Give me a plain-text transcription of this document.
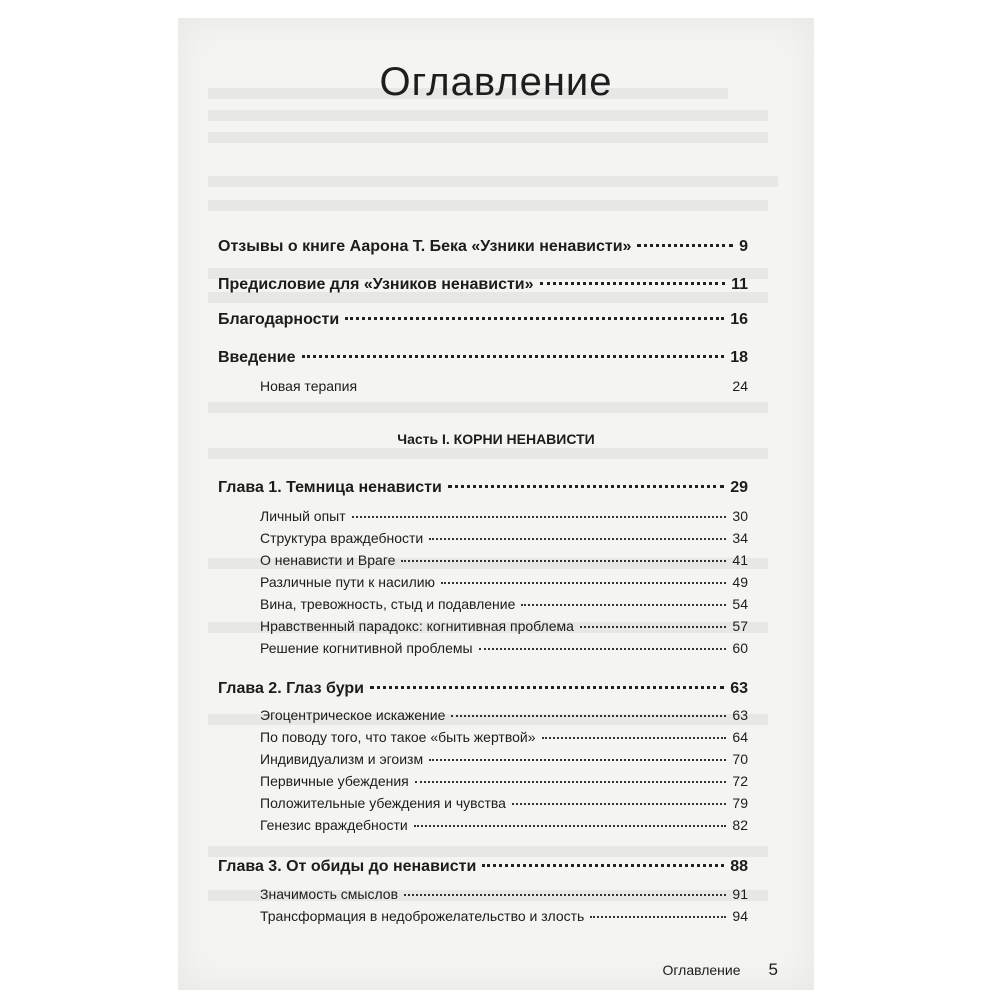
Оглавление
Отзывы о книге Аарона Т. Бека «Узники ненависти»	9
Предисловие для «Узников ненависти»	11
Благодарности	16
Введение	18
Новая терапия	24
Часть I. КОРНИ НЕНАВИСТИ
Глава 1. Темница ненависти	29
Личный опыт	30
Структура враждебности	34
О ненависти и Враге	41
Различные пути к насилию	49
Вина, тревожность, стыд и подавление	54
Нравственный парадокс: когнитивная проблема	57
Решение когнитивной проблемы	60
Глава 2. Глаз бури	63
Эгоцентрическое искажение	63
По поводу того, что такое «быть жертвой»	64
Индивидуализм и эгоизм	70
Первичные убеждения	72
Положительные убеждения и чувства	79
Генезис враждебности	82
Глава 3. От обиды до ненависти	88
Значимость смыслов	91
Трансформация в недоброжелательство и злость	94
Оглавление 5
